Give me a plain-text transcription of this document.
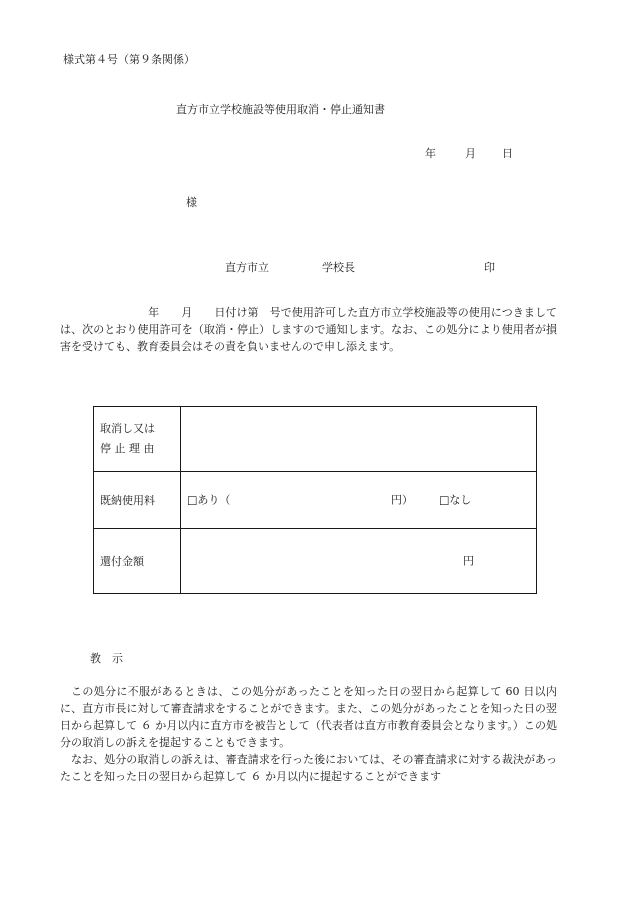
様式第４号（第９条関係）
直方市立学校施設等使用取消・停止通知書
年	月 日
様
直方市立	学校長	印

年 月 日付け第　号で使用許可した直方市立学校施設等の使用につきましては、次のとおり使用許可を（取消・停止）しますので通知します。なお、この処分により使用者が損害を受けても、教育委員会はその責を負いませんので申し添えます。

取消し又は
停 止 理 由	

既納使用料	□あり（ 円） □なし

還付金額	円
教　示

この処分に不服があるときは、この処分があったことを知った日の翌日から起算して 60 日以内に、直方市長に対して審査請求をすることができます。また、この処分があったことを知った日の翌日から起算して ６ か月以内に直方市を被告として（代表者は直方市教育委員会となります。）この処分の取消しの訴えを提起することもできます。

なお、処分の取消しの訴えは、審査請求を行った後においては、その審査請求に対する裁決があったことを知った日の翌日から起算して ６ か月以内に提起することができます
